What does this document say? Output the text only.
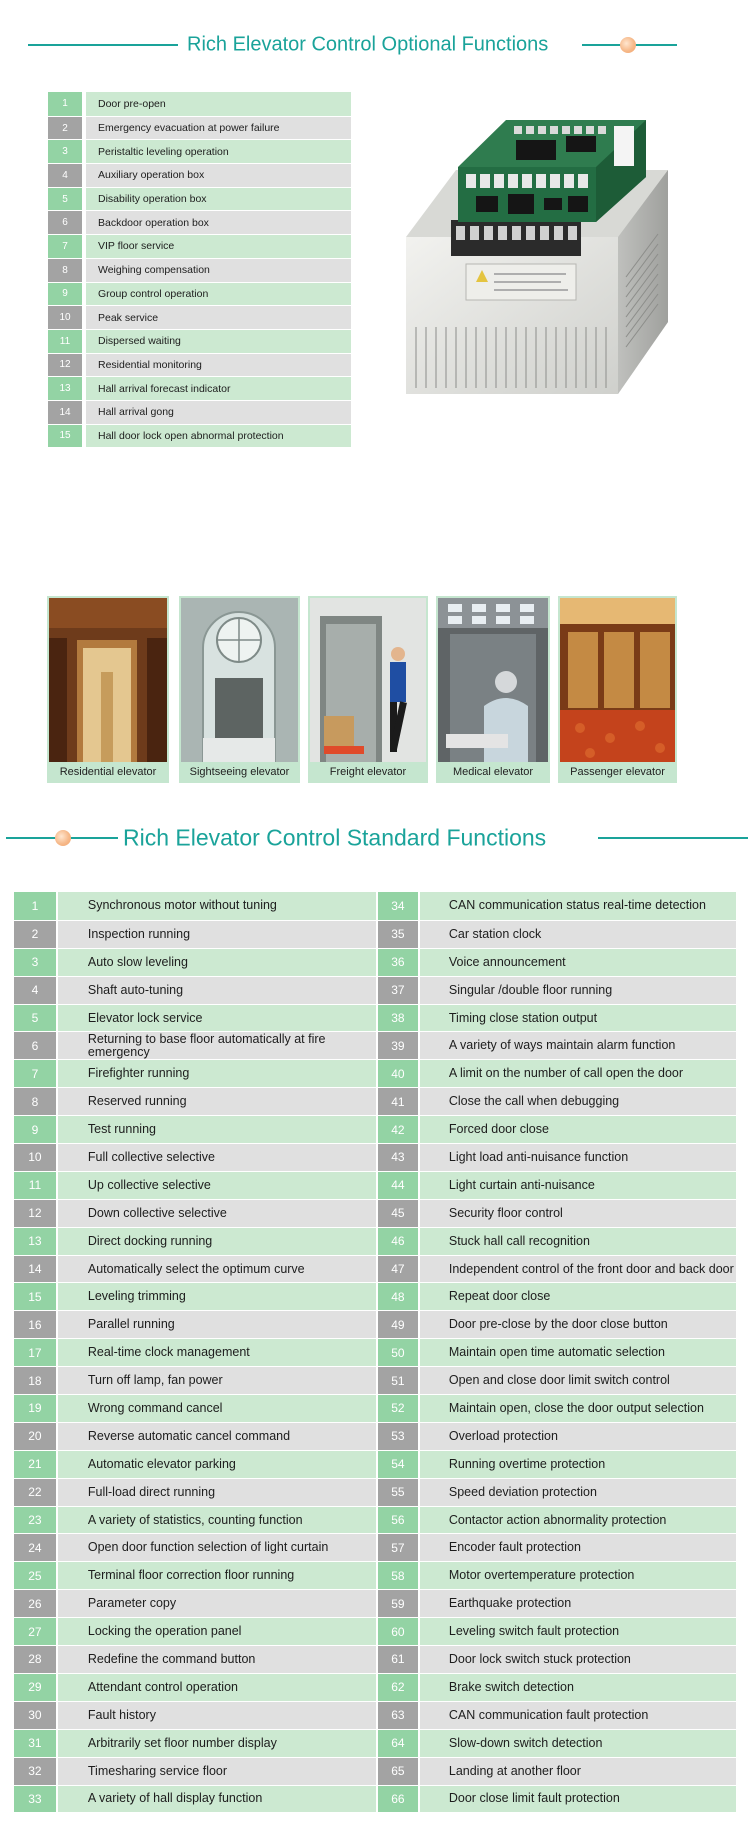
Rich Elevator Control Optional Functions
1	Door pre-open
2	Emergency evacuation at power failure
3	Peristaltic leveling operation
4	Auxiliary operation box
5	Disability operation box
6	Backdoor operation box
7	VIP floor service
8	Weighing compensation
9	Group control operation
10	Peak service
11	Dispersed waiting
12	Residential monitoring
13	Hall arrival forecast indicator
14	Hall arrival gong
15	Hall door lock open abnormal protection
Residential elevator	Sightseeing elevator	Freight elevator	Medical elevator	Passenger elevator
Rich Elevator Control Standard Functions
1	Synchronous motor without tuning	34	CAN communication status real-time detection
2	Inspection running	35	Car station clock
3	Auto slow leveling	36	Voice announcement
4	Shaft auto-tuning	37	Singular /double floor running
5	Elevator lock service	38	Timing close station output
6	Returning to base floor automatically at fire emergency	39	A variety of ways maintain alarm function
7	Firefighter running	40	A limit on the number of call open the door
8	Reserved running	41	Close the call when debugging
9	Test running	42	Forced door close
10	Full collective selective	43	Light load anti-nuisance function
11	Up collective selective	44	Light curtain anti-nuisance
12	Down collective selective	45	Security floor control
13	Direct docking running	46	Stuck hall call recognition
14	Automatically select the optimum curve	47	Independent control of the front door and back door
15	Leveling trimming	48	Repeat door close
16	Parallel running	49	Door pre-close by the door close button
17	Real-time clock management	50	Maintain open time automatic selection
18	Turn off lamp, fan power	51	Open and close door limit switch control
19	Wrong command cancel	52	Maintain open, close the door output selection
20	Reverse automatic cancel command	53	Overload protection
21	Automatic elevator parking	54	Running overtime protection
22	Full-load direct running	55	Speed deviation protection
23	A variety of statistics, counting function	56	Contactor action abnormality protection
24	Open door function selection of light curtain	57	Encoder fault protection
25	Terminal floor correction floor running	58	Motor overtemperature protection
26	Parameter copy	59	Earthquake protection
27	Locking the operation panel	60	Leveling switch fault protection
28	Redefine the command button	61	Door lock switch stuck protection
29	Attendant control operation	62	Brake switch detection
30	Fault history	63	CAN communication fault protection
31	Arbitrarily set floor number display	64	Slow-down switch detection
32	Timesharing service floor	65	Landing at another floor
33	A variety of hall display function	66	Door close limit fault protection
